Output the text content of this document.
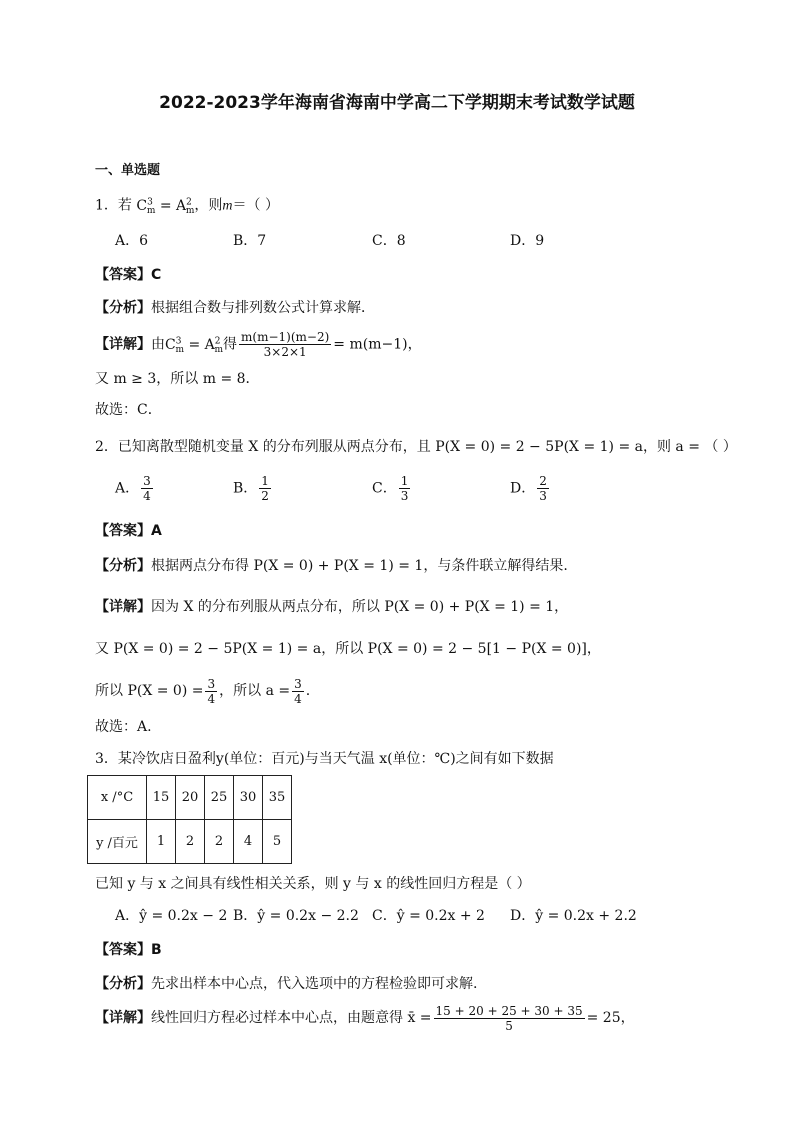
2022-2023学年海南省海南中学高二下学期期末考试数学试题
一、单选题
1．若 $C^3_m = A^2_m$，则m＝（ ）
A．6	B．7	C．8	D．9
【答案】C
【分析】根据组合数与排列数公式计算求解．
【详解】由$C^3_m = A^2_m$得 $\frac{m(m-1)(m-2)}{3\times 2\times 1} = m(m-1)$，
又 m ≥ 3，所以 m = 8．
故选：C．
2．已知离散型随机变量 X 的分布列服从两点分布，且 P(X = 0) = 2 − 5P(X = 1) = a，则 a = （ ）
A． $\frac{3}{4}$	B． $\frac{1}{2}$	C． $\frac{1}{3}$	D． $\frac{2}{3}$
【答案】A
【分析】根据两点分布得 P(X = 0) + P(X = 1) = 1，与条件联立解得结果.
【详解】因为 X 的分布列服从两点分布，所以 P(X = 0) + P(X = 1) = 1，
又 P(X = 0) = 2 − 5P(X = 1) = a，所以 P(X = 0) = 2 − 5[1 − P(X = 0)]，
所以 $P(X = 0) = \frac{3}{4}$ ，所以 $a = \frac{3}{4}$ .
故选：A.
3．某冷饮店日盈利y(单位：百元)与当天气温 x(单位：℃)之间有如下数据
x /°C	15	20	25	30	35
y /百元	1	2	2	4	5
已知 y 与 x 之间具有线性相关关系，则 y 与 x 的线性回归方程是（ ）
A．ŷ = 0.2x − 2 B．ŷ = 0.2x − 2.2 C．ŷ = 0.2x + 2 D．ŷ = 0.2x + 2.2
【答案】B
【分析】先求出样本中心点，代入选项中的方程检验即可求解.
【详解】线性回归方程必过样本中心点，由题意得 x̄ = $\frac{15 + 20 + 25 + 30 + 35}{5} = 25$，
